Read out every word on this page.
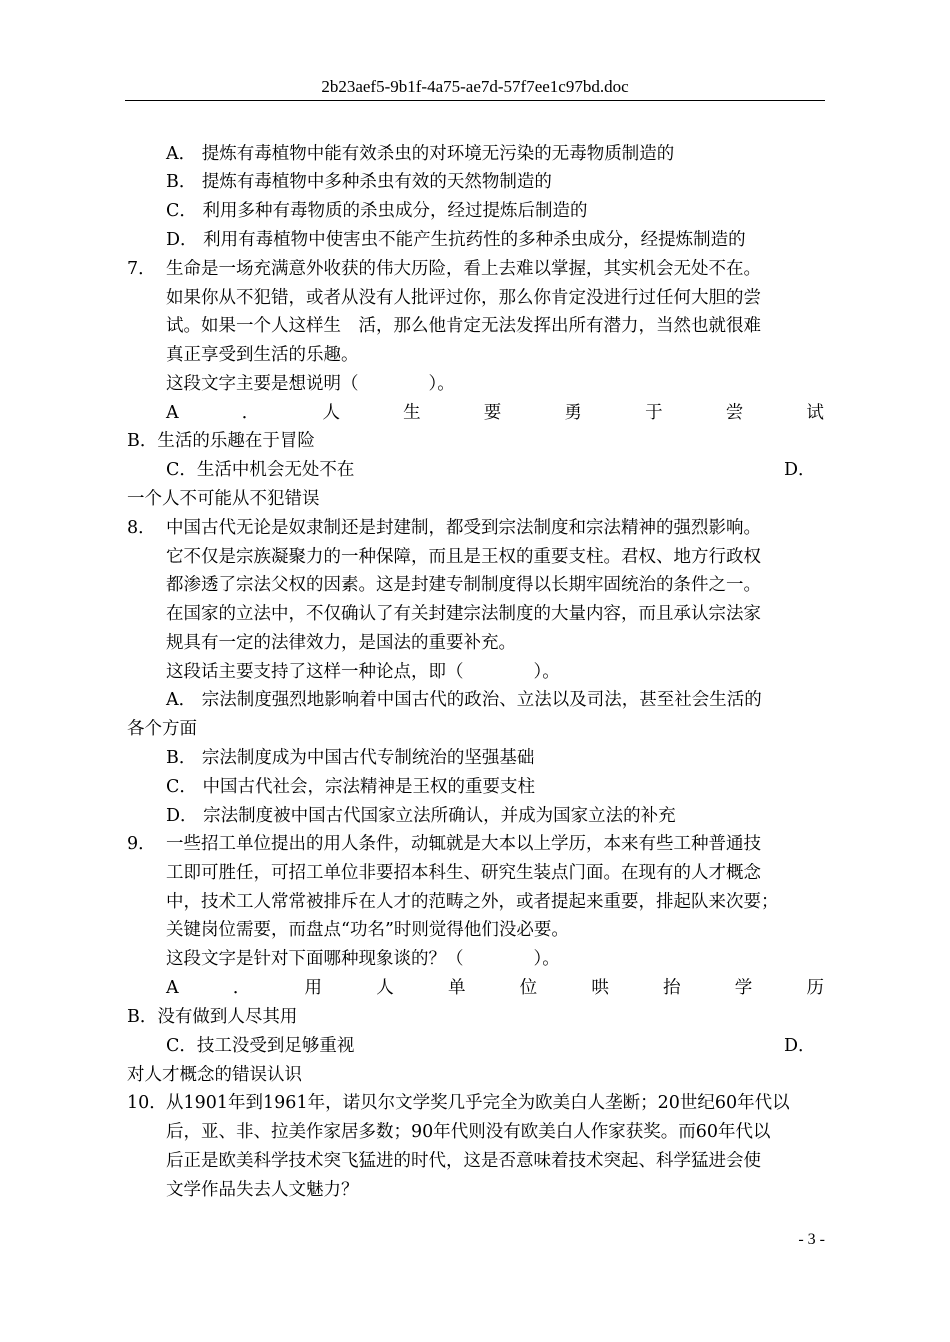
2b23aef5-9b1f-4a75-ae7d-57f7ee1c97bd.doc
A． 提炼有毒植物中能有效杀虫的对环境无污染的无毒物质制造的
B． 提炼有毒植物中多种杀虫有效的天然物制造的
C． 利用多种有毒物质的杀虫成分，经过提炼后制造的
D． 利用有毒植物中使害虫不能产生抗药性的多种杀虫成分，经提炼制造的
7． 生命是一场充满意外收获的伟大历险，看上去难以掌握，其实机会无处不在。
如果你从不犯错，或者从没有人批评过你，那么你肯定没进行过任何大胆的尝
试。如果一个人这样生　活，那么他肯定无法发挥出所有潜力，当然也就很难
真正享受到生活的乐趣。
这段文字主要是想说明（　　　　）。
A	．	人	生	要	勇	于	尝	试
B．生活的乐趣在于冒险
C．生活中机会无处不在	D．
一个人不可能从不犯错误
8． 中国古代无论是奴隶制还是封建制，都受到宗法制度和宗法精神的强烈影响。
它不仅是宗族凝聚力的一种保障，而且是王权的重要支柱。君权、地方行政权
都渗透了宗法父权的因素。这是封建专制制度得以长期牢固统治的条件之一。
在国家的立法中，不仅确认了有关封建宗法制度的大量内容，而且承认宗法家
规具有一定的法律效力，是国法的重要补充。
这段话主要支持了这样一种论点，即（　　　　）。
A． 宗法制度强烈地影响着中国古代的政治、立法以及司法，甚至社会生活的
各个方面
B． 宗法制度成为中国古代专制统治的坚强基础
C． 中国古代社会，宗法精神是王权的重要支柱
D． 宗法制度被中国古代国家立法所确认，并成为国家立法的补充
9． 一些招工单位提出的用人条件，动辄就是大本以上学历，本来有些工种普通技
工即可胜任，可招工单位非要招本科生、研究生装点门面。在现有的人才概念
中，技术工人常常被排斥在人才的范畴之外，或者提起来重要，排起队来次要；
关键岗位需要，而盘点“功名”时则觉得他们没必要。
这段文字是针对下面哪种现象谈的？（　　　　）。
A	．	用	人	单	位	哄	抬	学	历
B．没有做到人尽其用
C．技工没受到足够重视	D．
对人才概念的错误认识
10． 从1901年到1961年，诺贝尔文学奖几乎完全为欧美白人垄断；20世纪60年代以
后，亚、非、拉美作家居多数；90年代则没有欧美白人作家获奖。而60年代以
后正是欧美科学技术突飞猛进的时代，这是否意味着技术突起、科学猛进会使
文学作品失去人文魅力？
- 3 -
